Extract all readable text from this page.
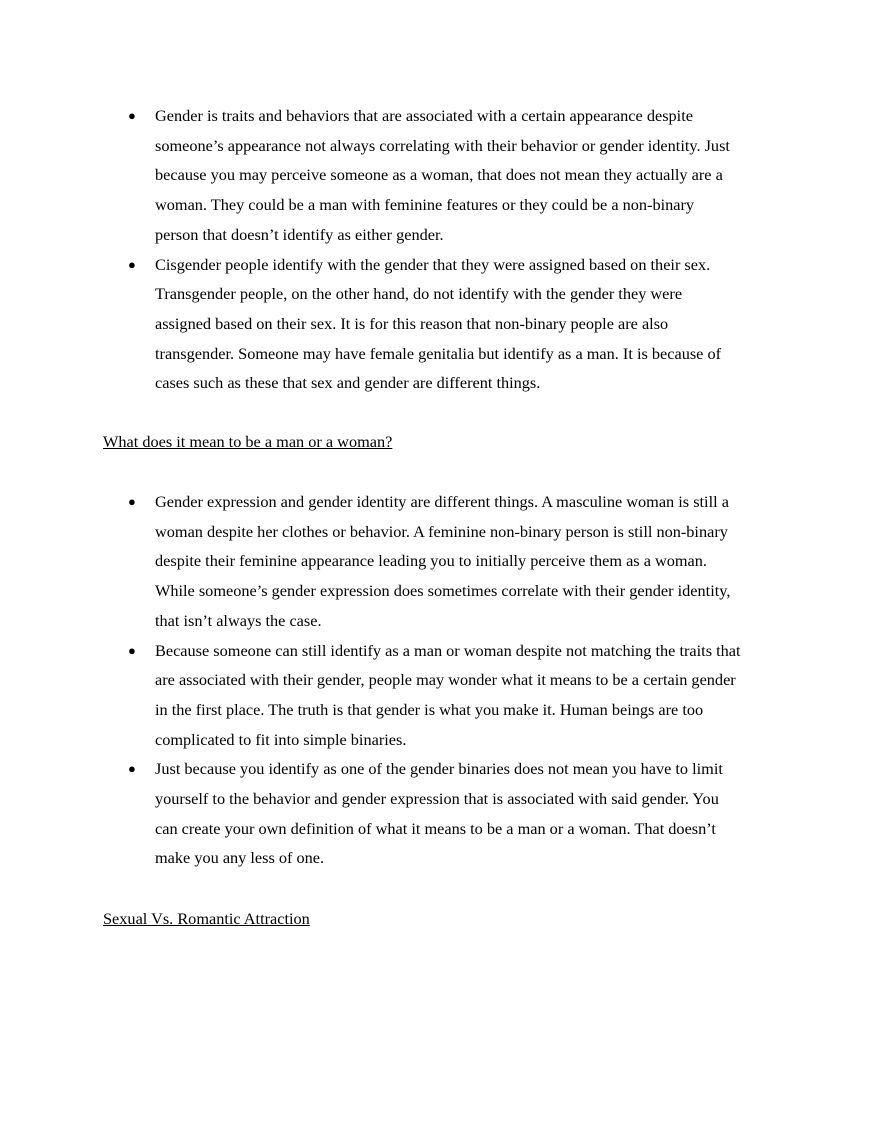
●	Gender is traits and behaviors that are associated with a certain appearance despite
someone’s appearance not always correlating with their behavior or gender identity. Just
because you may perceive someone as a woman, that does not mean they actually are a
woman. They could be a man with feminine features or they could be a non-binary
person that doesn’t identify as either gender.
●	Cisgender people identify with the gender that they were assigned based on their sex.
Transgender people, on the other hand, do not identify with the gender they were
assigned based on their sex. It is for this reason that non-binary people are also
transgender. Someone may have female genitalia but identify as a man. It is because of
cases such as these that sex and gender are different things.
What does it mean to be a man or a woman?
●	Gender expression and gender identity are different things. A masculine woman is still a
woman despite her clothes or behavior. A feminine non-binary person is still non-binary
despite their feminine appearance leading you to initially perceive them as a woman.
While someone’s gender expression does sometimes correlate with their gender identity,
that isn’t always the case.
●	Because someone can still identify as a man or woman despite not matching the traits that
are associated with their gender, people may wonder what it means to be a certain gender
in the first place. The truth is that gender is what you make it. Human beings are too
complicated to fit into simple binaries.
●	Just because you identify as one of the gender binaries does not mean you have to limit
yourself to the behavior and gender expression that is associated with said gender. You
can create your own definition of what it means to be a man or a woman. That doesn’t
make you any less of one.
Sexual Vs. Romantic Attraction
